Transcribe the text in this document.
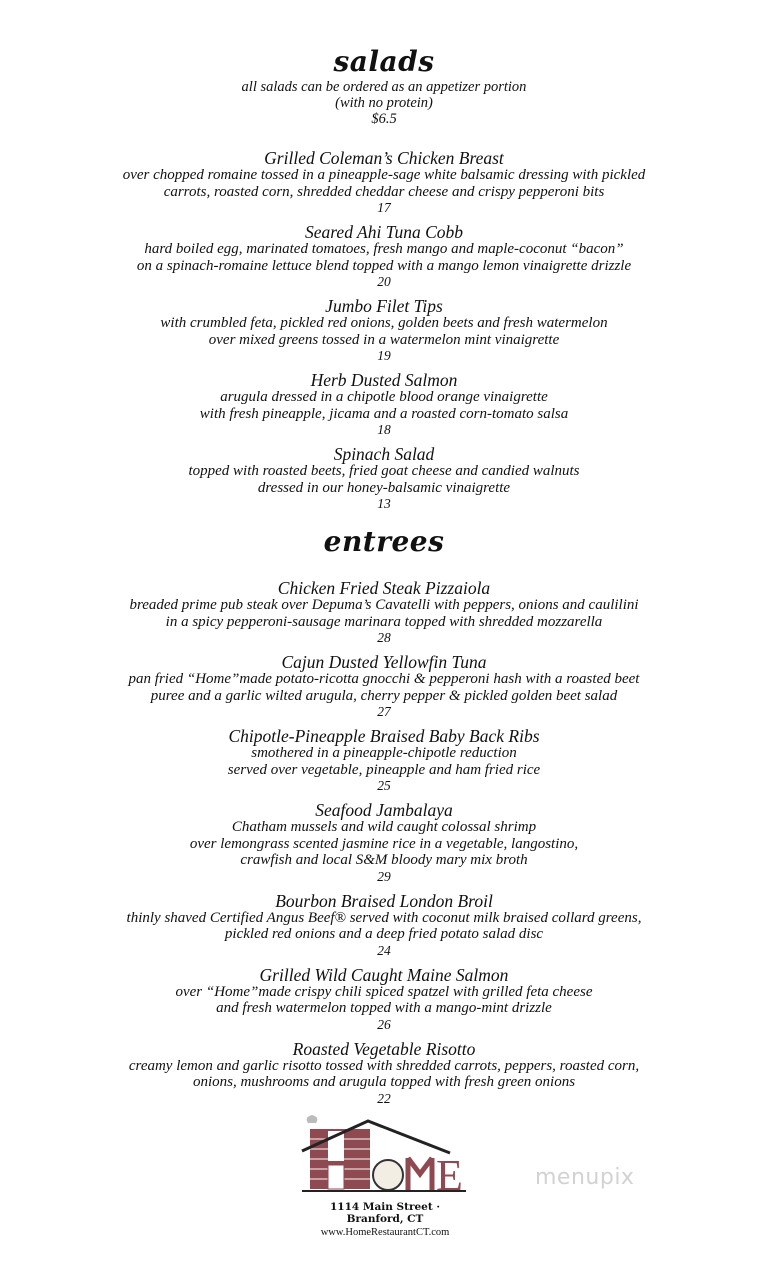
salads
all salads can be ordered as an appetizer portion
(with no protein)
$6.5
Grilled Coleman’s Chicken Breast
over chopped romaine tossed in a pineapple-sage white balsamic dressing with pickled
carrots, roasted corn, shredded cheddar cheese and crispy pepperoni bits
17
Seared Ahi Tuna Cobb
hard boiled egg, marinated tomatoes, fresh mango and maple-coconut “bacon”
on a spinach-romaine lettuce blend topped with a mango lemon vinaigrette drizzle
20
Jumbo Filet Tips
with crumbled feta, pickled red onions, golden beets and fresh watermelon
over mixed greens tossed in a watermelon mint vinaigrette
19
Herb Dusted Salmon
arugula dressed in a chipotle blood orange vinaigrette
with fresh pineapple, jicama and a roasted corn-tomato salsa
18
Spinach Salad
topped with roasted beets, fried goat cheese and candied walnuts
dressed in our honey-balsamic vinaigrette
13
entrees
Chicken Fried Steak Pizzaiola
breaded prime pub steak over Depuma’s Cavatelli with peppers, onions and caulilini
in a spicy pepperoni-sausage marinara topped with shredded mozzarella
28
Cajun Dusted Yellowfin Tuna
pan fried “Home”made potato-ricotta gnocchi & pepperoni hash with a roasted beet
puree and a garlic wilted arugula, cherry pepper & pickled golden beet salad
27
Chipotle-Pineapple Braised Baby Back Ribs
smothered in a pineapple-chipotle reduction
served over vegetable, pineapple and ham fried rice
25
Seafood Jambalaya
Chatham mussels and wild caught colossal shrimp
over lemongrass scented jasmine rice in a vegetable, langostino,
crawfish and local S&M bloody mary mix broth
29
Bourbon Braised London Broil
thinly shaved Certified Angus Beef® served with coconut milk braised collard greens,
pickled red onions and a deep fried potato salad disc
24
Grilled Wild Caught Maine Salmon
over “Home”made crispy chili spiced spatzel with grilled feta cheese
and fresh watermelon topped with a mango-mint drizzle
26
Roasted Vegetable Risotto
creamy lemon and garlic risotto tossed with shredded carrots, peppers, roasted corn,
onions, mushrooms and arugula topped with fresh green onions
22
E
1114 Main Street · Branford, CT
www.HomeRestaurantCT.com
menupix
